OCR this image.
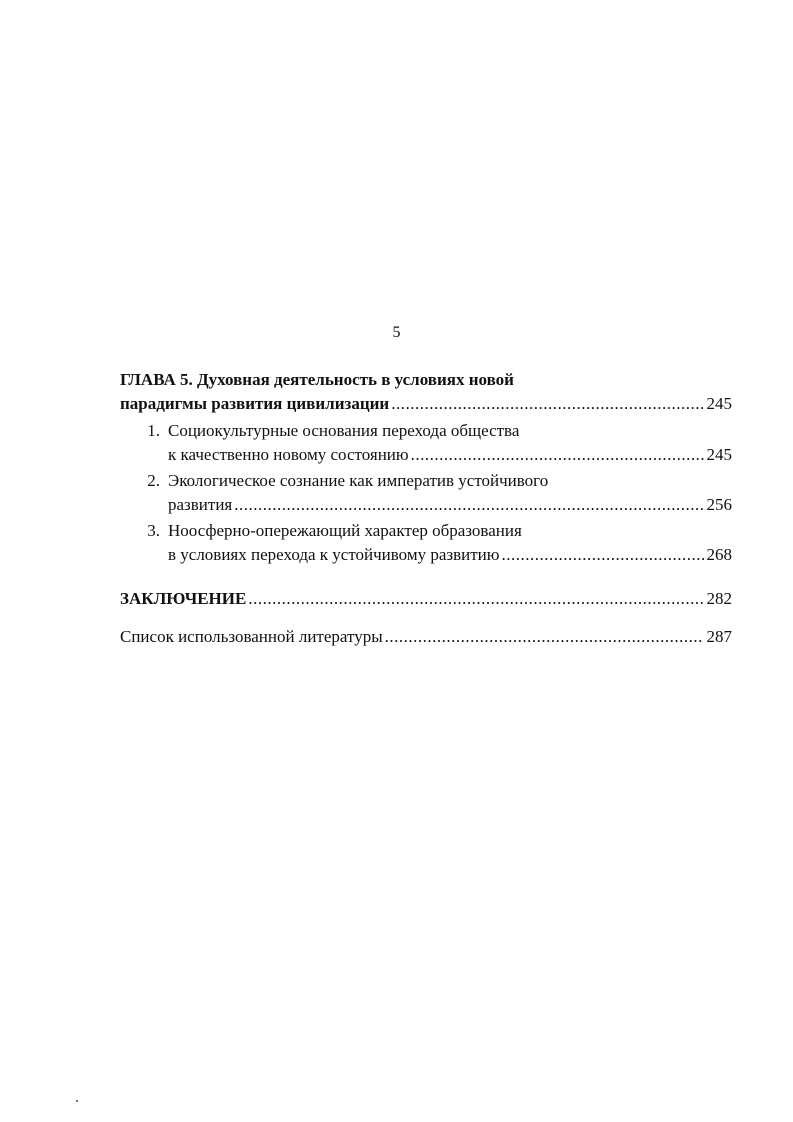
5
ГЛАВА 5. Духовная деятельность в условиях новой
парадигмы развития цивилизации .....	245
1. Социокультурные основания перехода общества
к качественно новому состоянию .....	245
2. Экологическое сознание как императив устойчивого
развития .....	256
3. Ноосферно-опережающий характер образования
в условиях перехода к устойчивому развитию .....	268
ЗАКЛЮЧЕНИЕ .....	282
Список использованной литературы .....	287
